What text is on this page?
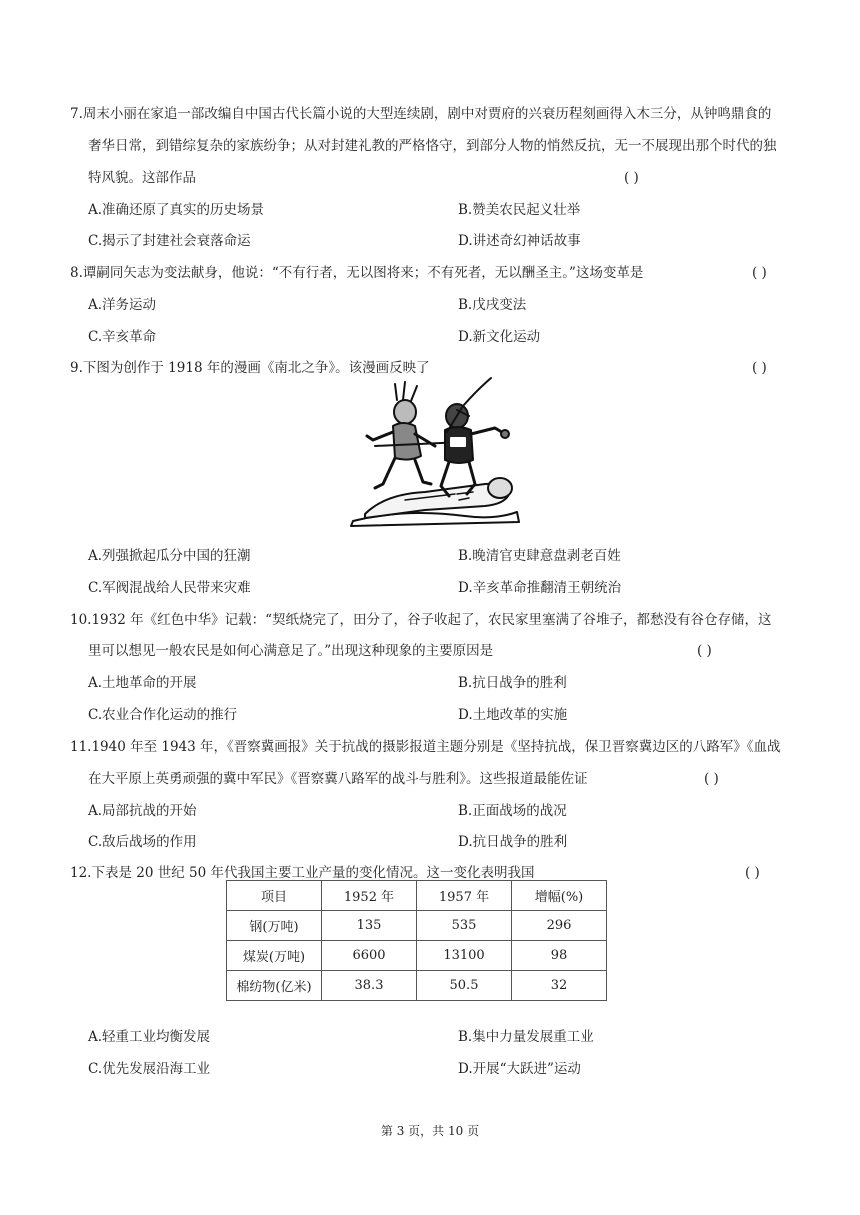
7.周末小丽在家追一部改编自中国古代长篇小说的大型连续剧，剧中对贾府的兴衰历程刻画得入木三分，从钟鸣鼎食的
奢华日常，到错综复杂的家族纷争；从对封建礼教的严格恪守，到部分人物的悄然反抗，无一不展现出那个时代的独
特风貌。这部作品	( )
A.准确还原了真实的历史场景	B.赞美农民起义壮举
C.揭示了封建社会衰落命运	D.讲述奇幻神话故事
8.谭嗣同矢志为变法献身，他说：“不有行者，无以图将来；不有死者，无以酬圣主。”这场变革是	( )
A.洋务运动	B.戊戌变法
C.辛亥革命	D.新文化运动
9.下图为创作于 1918 年的漫画《南北之争》。该漫画反映了	( )
A.列强掀起瓜分中国的狂潮	B.晚清官吏肆意盘剥老百姓
C.军阀混战给人民带来灾难	D.辛亥革命推翻清王朝统治
10.1932 年《红色中华》记载：“契纸烧完了，田分了，谷子收起了，农民家里塞满了谷堆子，都愁没有谷仓存储，这
里可以想见一般农民是如何心满意足了。”出现这种现象的主要原因是	( )
A.土地革命的开展	B.抗日战争的胜利
C.农业合作化运动的推行	D.土地改革的实施
11.1940 年至 1943 年，《晋察冀画报》关于抗战的摄影报道主题分别是《坚持抗战，保卫晋察冀边区的八路军》《血战
在大平原上英勇顽强的冀中军民》《晋察冀八路军的战斗与胜利》。这些报道最能佐证	( )
A.局部抗战的开始	B.正面战场的战况
C.敌后战场的作用	D.抗日战争的胜利
12.下表是 20 世纪 50 年代我国主要工业产量的变化情况。这一变化表明我国	( )
项目	1952 年	1957 年	增幅(%)
钢(万吨)	135	535	296
煤炭(万吨)	6600	13100	98
棉纺物(亿米)	38.3	50.5	32
A.轻重工业均衡发展	B.集中力量发展重工业
C.优先发展沿海工业	D.开展“大跃进”运动
第 3 页，共 10 页
